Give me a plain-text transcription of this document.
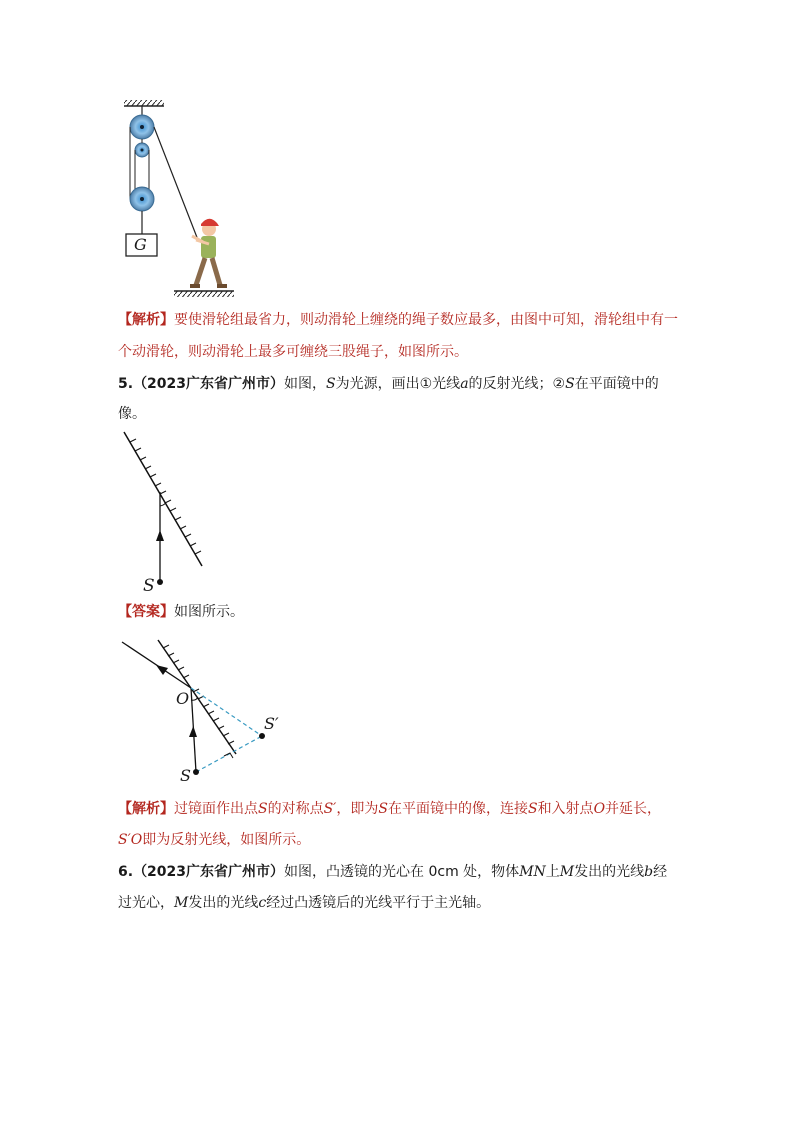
G
【解析】要使滑轮组最省力，则动滑轮上缠绕的绳子数应最多，由图中可知，滑轮组中有一
个动滑轮，则动滑轮上最多可缠绕三股绳子，如图所示。
5.（2023广东省广州市）如图，S为光源，画出①光线a的反射光线；②S在平面镜中的
像。
S
【答案】如图所示。
O
S
S′
【解析】过镜面作出点S的对称点S′，即为S在平面镜中的像，连接S和入射点O并延长，
S′O即为反射光线，如图所示。
6.（2023广东省广州市）如图，凸透镜的光心在 0cm 处，物体MN上M发出的光线b经
过光心，M发出的光线c经过凸透镜后的光线平行于主光轴。
